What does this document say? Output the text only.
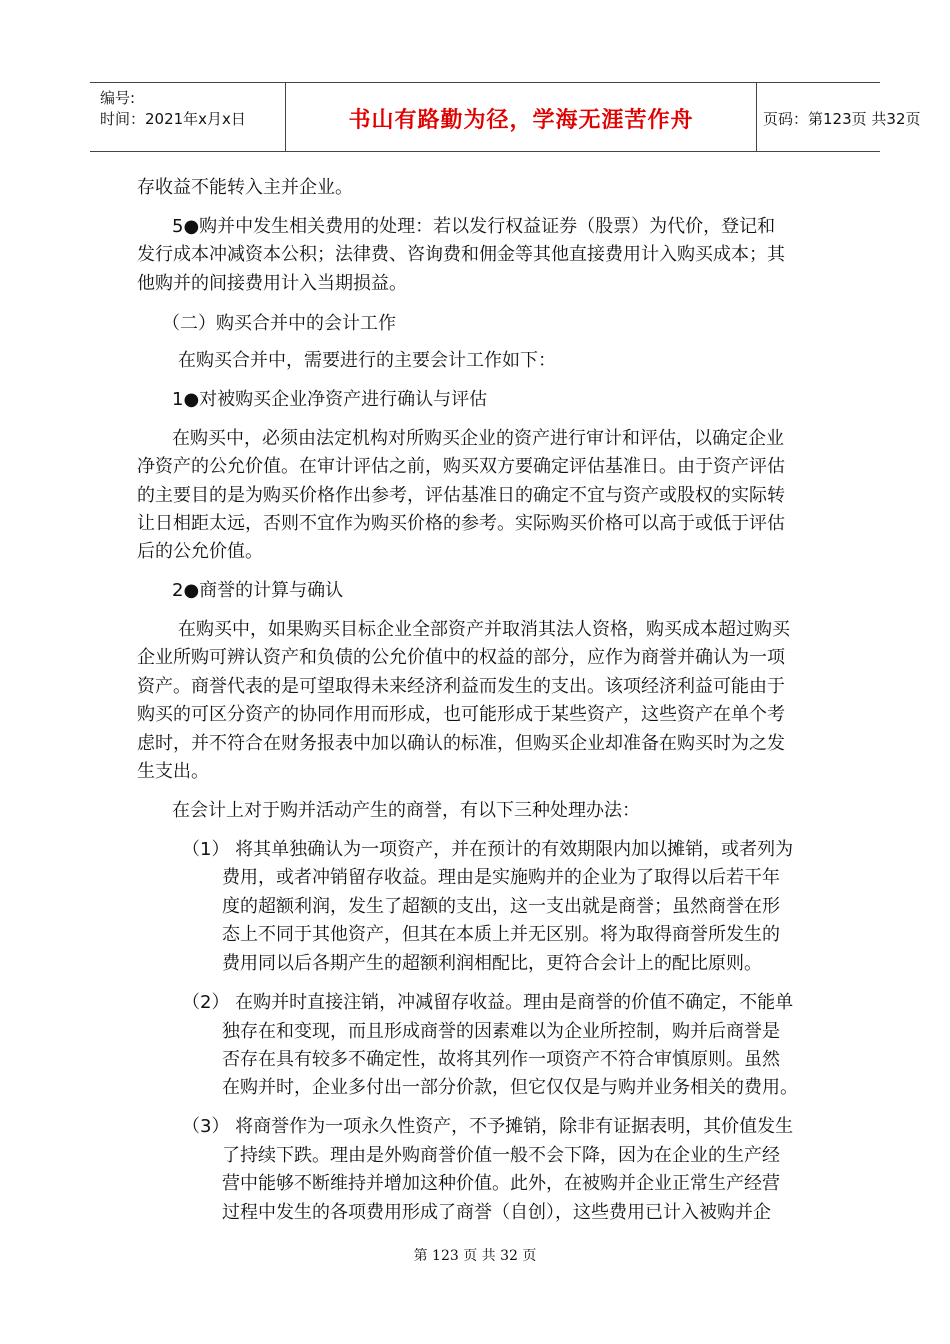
编号:
时间：2021年x月x日	书山有路勤为径，学海无涯苦作舟	页码：第123页 共32页
存收益不能转入主并企业。
5●购并中发生相关费用的处理：若以发行权益证券（股票）为代价，登记和
发行成本冲减资本公积；法律费、咨询费和佣金等其他直接费用计入购买成本；其
他购并的间接费用计入当期损益。
（二）购买合并中的会计工作
在购买合并中，需要进行的主要会计工作如下：
1●对被购买企业净资产进行确认与评估
在购买中，必须由法定机构对所购买企业的资产进行审计和评估，以确定企业
净资产的公允价值。在审计评估之前，购买双方要确定评估基准日。由于资产评估
的主要目的是为购买价格作出参考，评估基准日的确定不宜与资产或股权的实际转
让日相距太远，否则不宜作为购买价格的参考。实际购买价格可以高于或低于评估
后的公允价值。
2●商誉的计算与确认
在购买中，如果购买目标企业全部资产并取消其法人资格，购买成本超过购买
企业所购可辨认资产和负债的公允价值中的权益的部分，应作为商誉并确认为一项
资产。商誉代表的是可望取得未来经济利益而发生的支出。该项经济利益可能由于
购买的可区分资产的协同作用而形成，也可能形成于某些资产，这些资产在单个考
虑时，并不符合在财务报表中加以确认的标准，但购买企业却准备在购买时为之发
生支出。
在会计上对于购并活动产生的商誉，有以下三种处理办法：
（1） 将其单独确认为一项资产，并在预计的有效期限内加以摊销，或者列为
费用，或者冲销留存收益。理由是实施购并的企业为了取得以后若干年
度的超额利润，发生了超额的支出，这一支出就是商誉；虽然商誉在形
态上不同于其他资产，但其在本质上并无区别。将为取得商誉所发生的
费用同以后各期产生的超额利润相配比，更符合会计上的配比原则。
（2） 在购并时直接注销，冲减留存收益。理由是商誉的价值不确定，不能单
独存在和变现，而且形成商誉的因素难以为企业所控制，购并后商誉是
否存在具有较多不确定性，故将其列作一项资产不符合审慎原则。虽然
在购并时，企业多付出一部分价款，但它仅仅是与购并业务相关的费用。
（3） 将商誉作为一项永久性资产，不予摊销，除非有证据表明，其价值发生
了持续下跌。理由是外购商誉价值一般不会下降，因为在企业的生产经
营中能够不断维持并增加这种价值。此外，在被购并企业正常生产经营
过程中发生的各项费用形成了商誉（自创），这些费用已计入被购并企
第 123 页 共 32 页
